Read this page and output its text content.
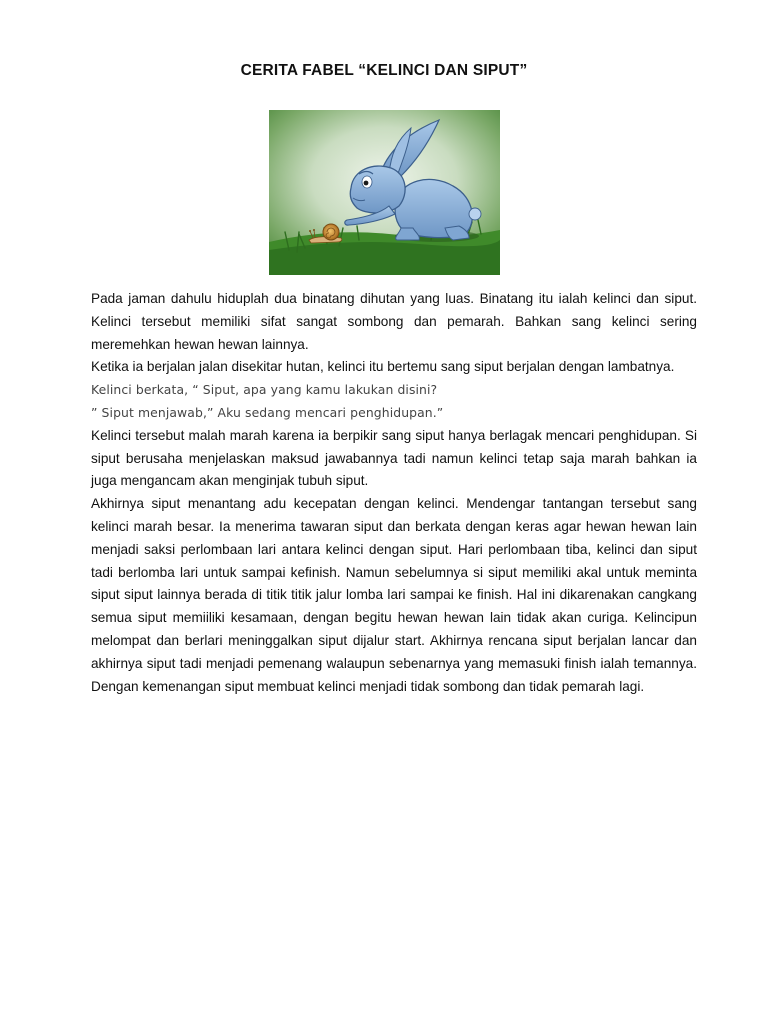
CERITA FABEL “KELINCI DAN SIPUT”

Pada jaman dahulu hiduplah dua binatang dihutan yang luas. Binatang itu ialah kelinci dan siput. Kelinci tersebut memiliki sifat sangat sombong dan pemarah. Bahkan sang kelinci sering meremehkan hewan hewan lainnya.

Ketika ia berjalan jalan disekitar hutan, kelinci itu bertemu sang siput berjalan dengan lambatnya.

Kelinci berkata, “ Siput, apa yang kamu lakukan disini?

” Siput menjawab,” Aku sedang mencari penghidupan.”

Kelinci tersebut malah marah karena ia berpikir sang siput hanya berlagak mencari penghidupan. Si siput berusaha menjelaskan maksud jawabannya tadi namun kelinci tetap saja marah bahkan ia juga mengancam akan menginjak tubuh siput.

Akhirnya siput menantang adu kecepatan dengan kelinci. Mendengar tantangan tersebut sang kelinci marah besar. Ia menerima tawaran siput dan berkata dengan keras agar hewan hewan lain menjadi saksi perlombaan lari antara kelinci dengan siput. Hari perlombaan tiba, kelinci dan siput tadi berlomba lari untuk sampai kefinish. Namun sebelumnya si siput memiliki akal untuk meminta siput siput lainnya berada di titik titik jalur lomba lari sampai ke finish. Hal ini dikarenakan cangkang semua siput memiiliki kesamaan, dengan begitu hewan hewan lain tidak akan curiga. Kelincipun melompat dan berlari meninggalkan siput dijalur start. Akhirnya rencana siput berjalan lancar dan akhirnya siput tadi menjadi pemenang walaupun sebenarnya yang memasuki finish ialah temannya. Dengan kemenangan siput membuat kelinci menjadi tidak sombong dan tidak pemarah lagi.
